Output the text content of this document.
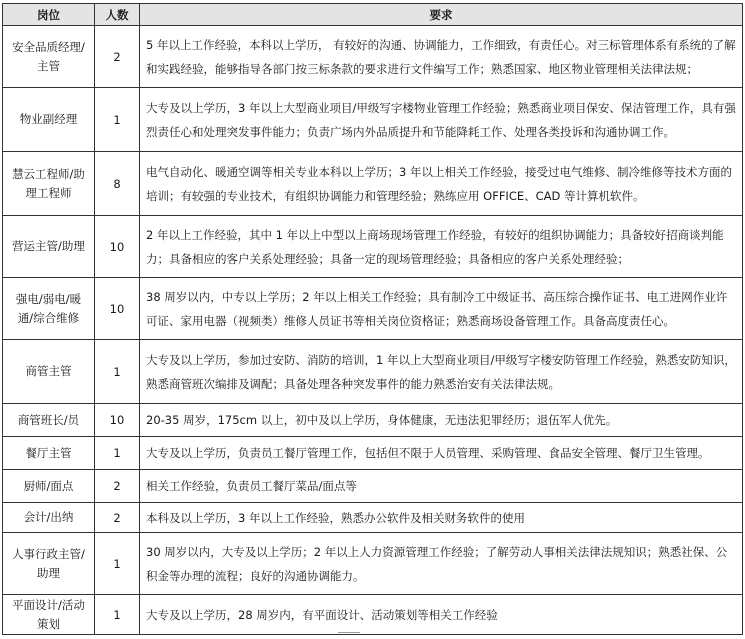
岗位	人数	要求
安全品质经理/主管	2	5 年以上工作经验，本科以上学历， 有较好的沟通、协调能力，工作细致，有责任心。对三标管理体系有系统的了解和实践经验，能够指导各部门按三标条款的要求进行文件编写工作；熟悉国家、地区物业管理相关法律法规；
物业副经理	1	大专及以上学历，3 年以上大型商业项目/甲级写字楼物业管理工作经验；熟悉商业项目保安、保洁管理工作，具有强烈责任心和处理突发事件能力；负责广场内外品质提升和节能降耗工作、处理各类投诉和沟通协调工作。
慧云工程师/助理工程师	8	电气自动化、暖通空调等相关专业本科以上学历；3 年以上相关工作经验，接受过电气维修、制冷维修等技术方面的培训；有较强的专业技术，有组织协调能力和管理经验；熟练应用 OFFICE、CAD 等计算机软件。
营运主管/助理	10	2 年以上工作经验，其中 1 年以上中型以上商场现场管理工作经验，有较好的组织协调能力；具备较好招商谈判能力；具备相应的客户关系处理经验；具备一定的现场管理经验；具备相应的客户关系处理经验；
强电/弱电/暖通/综合维修	10	38 周岁以内，中专以上学历；2 年以上相关工作经验；具有制冷工中级证书、高压综合操作证书、电工进网作业许可证、家用电器（视频类）维修人员证书等相关岗位资格证；熟悉商场设备管理工作。具备高度责任心。
商管主管	1	大专及以上学历，参加过安防、消防的培训，1 年以上大型商业项目/甲级写字楼安防管理工作经验，熟悉安防知识，熟悉商管班次编排及调配；具备处理各种突发事件的能力熟悉治安有关法律法规。
商管班长/员	10	20-35 周岁，175cm 以上，初中及以上学历，身体健康，无违法犯罪经历；退伍军人优先。
餐厅主管	1	大专及以上学历，负责员工餐厅管理工作，包括但不限于人员管理、采购管理、食品安全管理、餐厅卫生管理。
厨师/面点	2	相关工作经验，负责员工餐厅菜品/面点等
会计/出纳	2	本科及以上学历，3 年以上工作经验，熟悉办公软件及相关财务软件的使用
人事行政主管/助理	1	30 周岁以内，大专及以上学历；2 年以上人力资源管理工作经验；了解劳动人事相关法律法规知识；熟悉社保、公积金等办理的流程；良好的沟通协调能力。
平面设计/活动策划	1	大专及以上学历，28 周岁内，有平面设计、活动策划等相关工作经验
